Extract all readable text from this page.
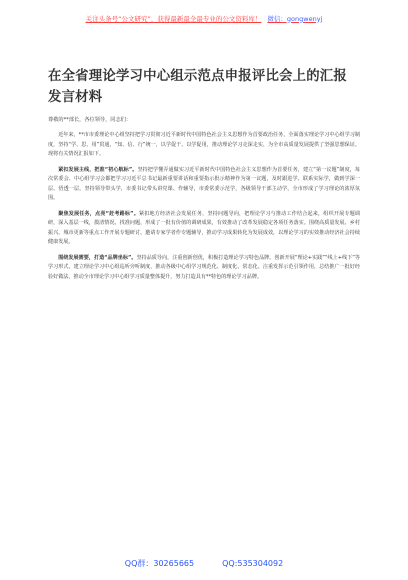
关注头条号“公文研究”，获得最新最全最专业的公文资料库！ 微信：gongwenyj
在全省理论学习中心组示范点申报评比会上的汇报发言材料
尊敬的**部长，各位领导，同志们：

近年来，**市市委理论中心组坚持把学习贯彻习近平新时代中国特色社会主义思想作为首要政治任务，全面落实理论学习中心组学习制度，坚持“学、思、用”贯通，“知、信、行”统一，以学促干、以学促用，推动理论学习走深走实，为全市高质量发展提供了坚强思想保证。现将有关情况汇报如下。

紧扣发展主线，把准“初心航标”。坚持把学懂弄通做实习近平新时代中国特色社会主义思想作为首要任务，建立“第一议题”制度，每次常委会、中心组学习会都把学习习近平总书记最新重要讲话和重要指示批示精神作为第一议题，及时跟进学、联系实际学，做到学深一层、悟透一层。坚持领导带头学，市委书记带头讲党课、作辅导，市委常委示范学，各级领导干部主动学，全市形成了学习理论的浓厚氛围。

聚焦发展任务，点亮“赶考路标”。紧扣地方经济社会发展任务，坚持问题导向，把理论学习与推动工作结合起来，组织开展专题调研，深入基层一线，摸清情况、找准问题，形成了一批有价值的调研成果，有效推动了改革发展稳定各项任务落实。围绕高质量发展、乡村振兴、城市更新等重点工作开展专题研讨，邀请专家学者作专题辅导，推动学习成果转化为发展成效，以理论学习的实效推动经济社会持续健康发展。

围绕发展需要，打造“品牌坐标”。坚持品质导向，注重创新创优，积极打造理论学习特色品牌。创新开展“理论+实践”“线上+线下”等学习形式，建立理论学习中心组巡听旁听制度，推动各级中心组学习规范化、制度化、常态化。注重发挥示范引领作用，总结推广一批好经验好做法，推动全市理论学习中心组学习质量整体提升，努力打造具有**特色的理论学习品牌。

QQ群：30265665	QQ:535304092
